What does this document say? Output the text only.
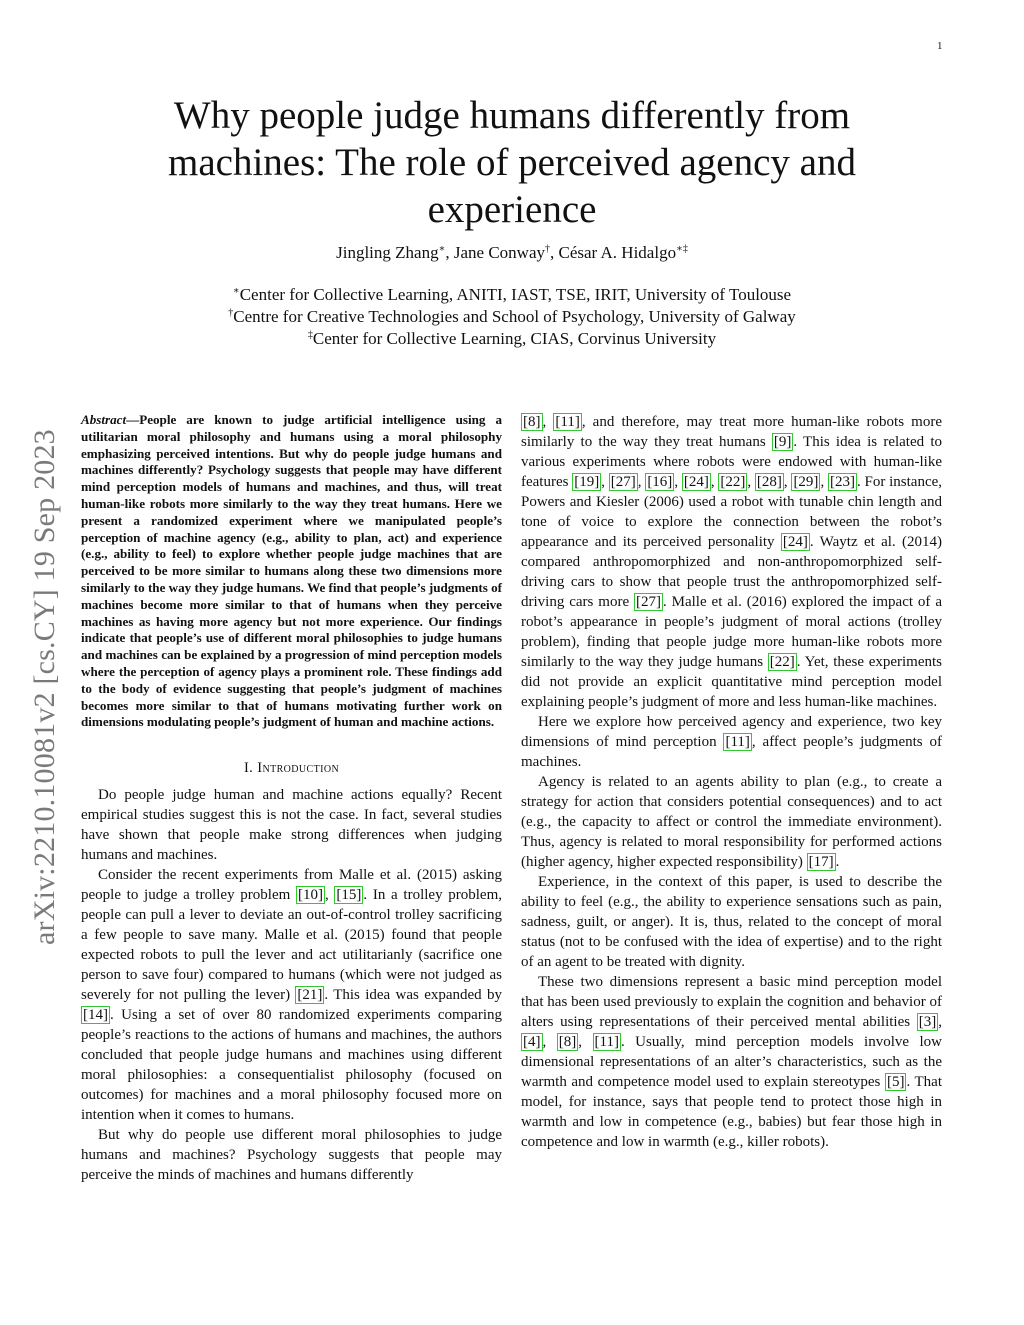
1
arXiv:2210.10081v2 [cs.CY] 19 Sep 2023
Why people judge humans differently from machines: The role of perceived agency and experience
Jingling Zhang∗, Jane Conway†, César A. Hidalgo∗‡
∗Center for Collective Learning, ANITI, IAST, TSE, IRIT, University of Toulouse
†Centre for Creative Technologies and School of Psychology, University of Galway
‡Center for Collective Learning, CIAS, Corvinus University

Abstract—People are known to judge artificial intelligence using a utilitarian moral philosophy and humans using a moral philosophy emphasizing perceived intentions. But why do people judge humans and machines differently? Psychology suggests that people may have different mind perception models of humans and machines, and thus, will treat human-like robots more similarly to the way they treat humans. Here we present a randomized experiment where we manipulated people’s perception of machine agency (e.g., ability to plan, act) and experience (e.g., ability to feel) to explore whether people judge machines that are perceived to be more similar to humans along these two dimensions more similarly to the way they judge humans. We find that people’s judgments of machines become more similar to that of humans when they perceive machines as having more agency but not more experience. Our findings indicate that people’s use of different moral philosophies to judge humans and machines can be explained by a progression of mind perception models where the perception of agency plays a prominent role. These findings add to the body of evidence suggesting that people’s judgment of machines becomes more similar to that of humans motivating further work on dimensions modulating people’s judgment of human and machine actions.

I. Introduction

Do people judge human and machine actions equally? Recent empirical studies suggest this is not the case. In fact, several studies have shown that people make strong differences when judging humans and machines.

Consider the recent experiments from Malle et al. (2015) asking people to judge a trolley problem [10] , [15] . In a trolley problem, people can pull a lever to deviate an out-of-control trolley sacrificing a few people to save many. Malle et al. (2015) found that people expected robots to pull the lever and act utilitarianly (sacrifice one person to save four) compared to humans (which were not judged as severely for not pulling the lever) [21] . This idea was expanded by [14] . Using a set of over 80 randomized experiments comparing people’s reactions to the actions of humans and machines, the authors concluded that people judge humans and machines using different moral philosophies: a consequentialist philosophy (focused on outcomes) for machines and a moral philosophy focused more on intention when it comes to humans.

But why do people use different moral philosophies to judge humans and machines? Psychology suggests that people may perceive the minds of machines and humans differently

[8] , [11] , and therefore, may treat more human-like robots more similarly to the way they treat humans [9] . This idea is related to various experiments where robots were endowed with human-like features [19] , [27] , [16] , [24] , [22] , [28] , [29] , [23] . For instance, Powers and Kiesler (2006) used a robot with tunable chin length and tone of voice to explore the connection between the robot’s appearance and its perceived personality [24] . Waytz et al. (2014) compared anthropomorphized and non-anthropomorphized self-driving cars to show that people trust the anthropomorphized self-driving cars more [27] . Malle et al. (2016) explored the impact of a robot’s appearance in people’s judgment of moral actions (trolley problem), finding that people judge more human-like robots more similarly to the way they judge humans [22] . Yet, these experiments did not provide an explicit quantitative mind perception model explaining people’s judgment of more and less human-like machines.

Here we explore how perceived agency and experience, two key dimensions of mind perception [11] , affect people’s judgments of machines.

Agency is related to an agents ability to plan (e.g., to create a strategy for action that considers potential consequences) and to act (e.g., the capacity to affect or control the immediate environment). Thus, agency is related to moral responsibility for performed actions (higher agency, higher expected responsibility) [17] .

Experience, in the context of this paper, is used to describe the ability to feel (e.g., the ability to experience sensations such as pain, sadness, guilt, or anger). It is, thus, related to the concept of moral status (not to be confused with the idea of expertise) and to the right of an agent to be treated with dignity.

These two dimensions represent a basic mind perception model that has been used previously to explain the cognition and behavior of alters using representations of their perceived mental abilities [3] , [4] , [8] , [11] . Usually, mind perception models involve low dimensional representations of an alter’s characteristics, such as the warmth and competence model used to explain stereotypes [5] . That model, for instance, says that people tend to protect those high in warmth and low in competence (e.g., babies) but fear those high in competence and low in warmth (e.g., killer robots).
